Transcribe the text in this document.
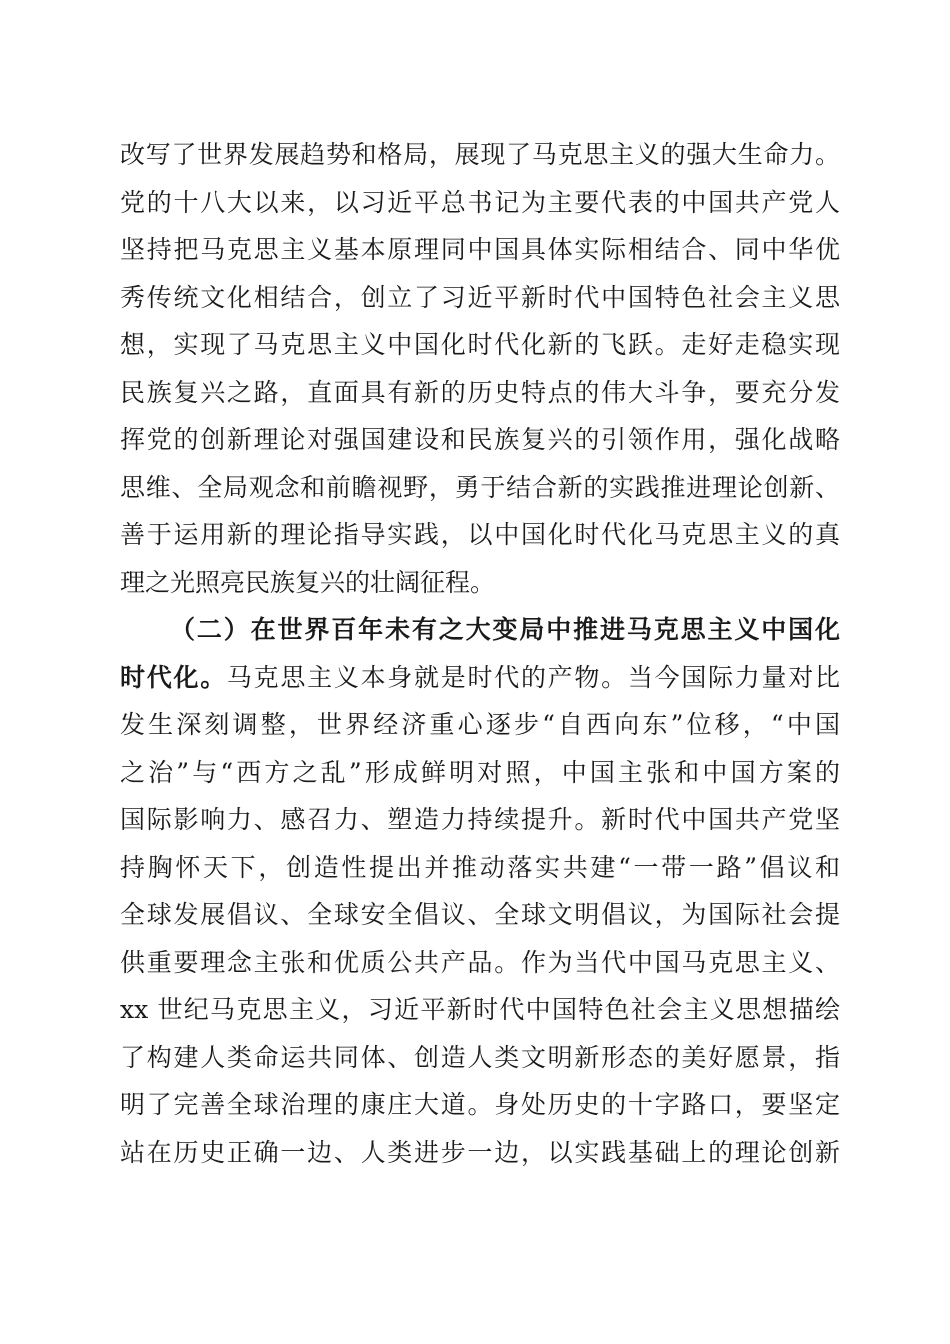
改写了世界发展趋势和格局，展现了马克思主义的强大生命力。
党的十八大以来，以习近平总书记为主要代表的中国共产党人
坚持把马克思主义基本原理同中国具体实际相结合、同中华优
秀传统文化相结合，创立了习近平新时代中国特色社会主义思
想，实现了马克思主义中国化时代化新的飞跃。走好走稳实现
民族复兴之路，直面具有新的历史特点的伟大斗争，要充分发
挥党的创新理论对强国建设和民族复兴的引领作用，强化战略
思维、全局观念和前瞻视野，勇于结合新的实践推进理论创新、
善于运用新的理论指导实践，以中国化时代化马克思主义的真
理之光照亮民族复兴的壮阔征程。
（二）在世界百年未有之大变局中推进马克思主义中国化
时代化。马克思主义本身就是时代的产物。当今国际力量对比
发生深刻调整，世界经济重心逐步“自西向东”位移，“中国
之治”与“西方之乱”形成鲜明对照，中国主张和中国方案的
国际影响力、感召力、塑造力持续提升。新时代中国共产党坚
持胸怀天下，创造性提出并推动落实共建“一带一路”倡议和
全球发展倡议、全球安全倡议、全球文明倡议，为国际社会提
供重要理念主张和优质公共产品。作为当代中国马克思主义、
xx 世纪马克思主义，习近平新时代中国特色社会主义思想描绘
了构建人类命运共同体、创造人类文明新形态的美好愿景，指
明了完善全球治理的康庄大道。身处历史的十字路口，要坚定
站在历史正确一边、人类进步一边，以实践基础上的理论创新
